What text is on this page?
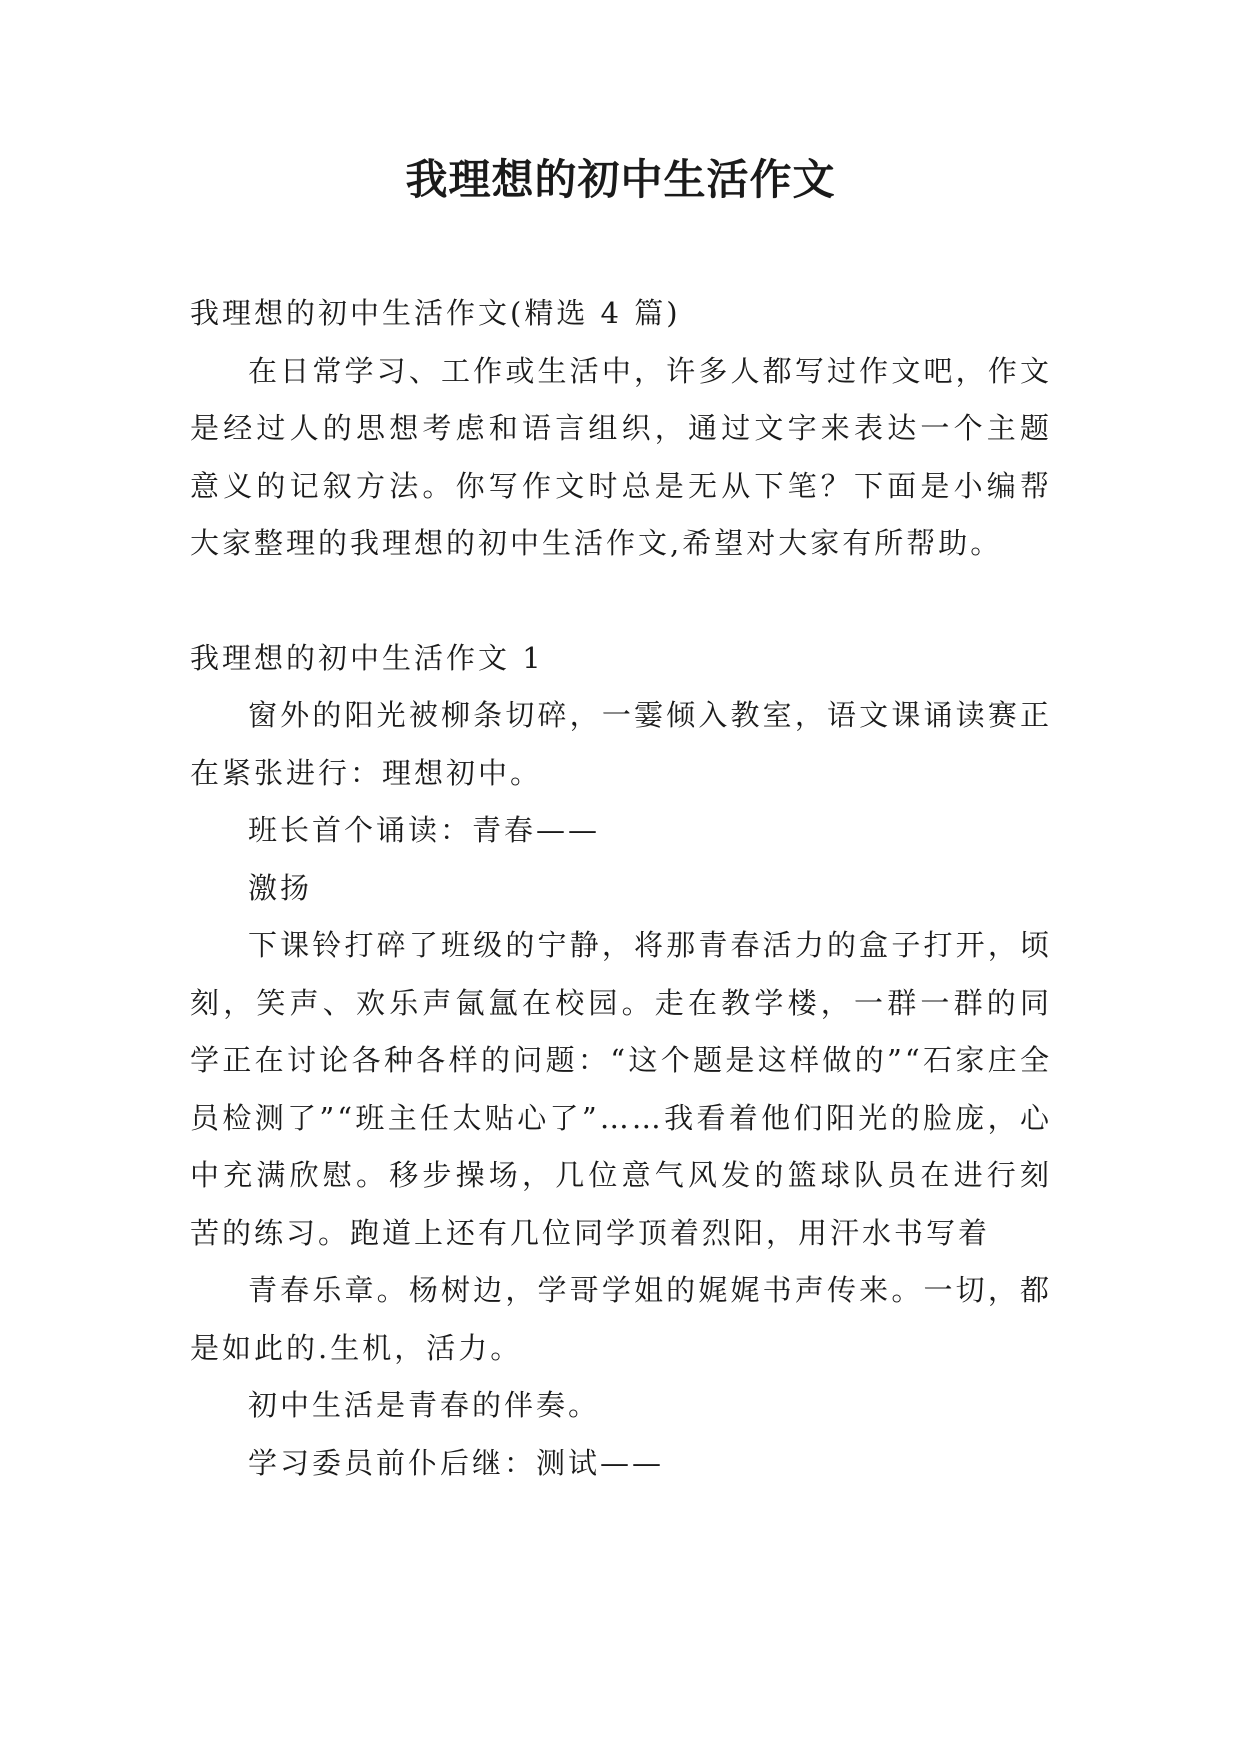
我理想的初中生活作文

我理想的初中生活作文(精选 4 篇)

在日常学习、工作或生活中，许多人都写过作文吧，作文是经过人的思想考虑和语言组织，通过文字来表达一个主题意义的记叙方法。你写作文时总是无从下笔？下面是小编帮大家整理的我理想的初中生活作文,希望对大家有所帮助。

我理想的初中生活作文 1

窗外的阳光被柳条切碎，一霎倾入教室，语文课诵读赛正在紧张进行：理想初中。

班长首个诵读：青春——

激扬

下课铃打碎了班级的宁静，将那青春活力的盒子打开，顷刻，笑声、欢乐声氤氲在校园。走在教学楼，一群一群的同学正在讨论各种各样的问题：“这个题是这样做的”“石家庄全员检测了”“班主任太贴心了”……我看着他们阳光的脸庞，心中充满欣慰。移步操场，几位意气风发的篮球队员在进行刻苦的练习。跑道上还有几位同学顶着烈阳，用汗水书写着

青春乐章。杨树边，学哥学姐的娓娓书声传来。一切，都是如此的.生机，活力。

初中生活是青春的伴奏。

学习委员前仆后继：测试——
